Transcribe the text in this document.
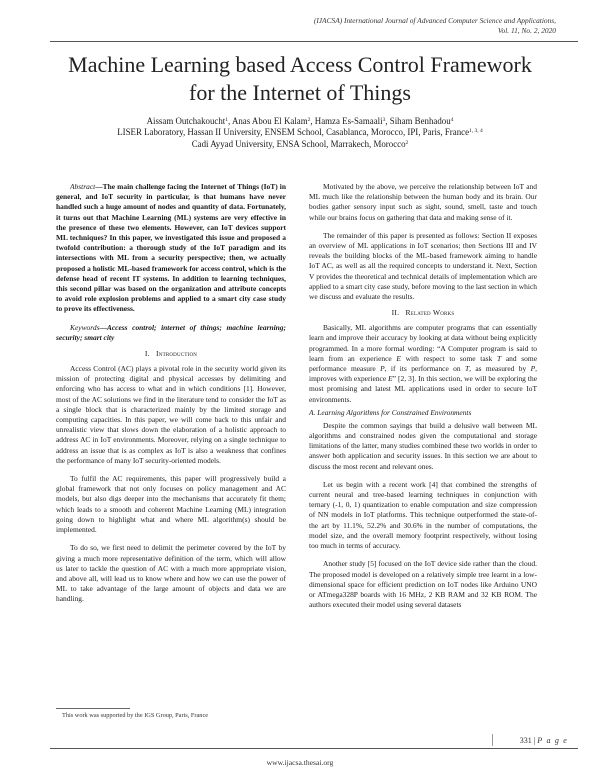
(IJACSA) International Journal of Advanced Computer Science and Applications,
Vol. 11, No. 2, 2020
Machine Learning based Access Control Framework
for the Internet of Things
Aissam Outchakoucht$^1$, Anas Abou El Kalam$^2$, Hamza Es-Samaali$^3$, Siham Benhadou$^4$
LISER Laboratory, Hassan II University, ENSEM School, Casablanca, Morocco, IPI, Paris, France$^{1, 3, 4}$
Cadi Ayyad University, ENSA School, Marrakech, Morocco$^2$

Abstract—The main challenge facing the Internet of Things (IoT) in general, and IoT security in particular, is that humans have never handled such a huge amount of nodes and quantity of data. Fortunately, it turns out that Machine Learning (ML) systems are very effective in the presence of these two elements. However, can IoT devices support ML techniques? In this paper, we investigated this issue and proposed a twofold contribution: a thorough study of the IoT paradigm and its intersections with ML from a security perspective; then, we actually proposed a holistic ML-based framework for access control, which is the defense head of recent IT systems. In addition to learning techniques, this second pillar was based on the organization and attribute concepts to avoid role explosion problems and applied to a smart city case study to prove its effectiveness.

Keywords—Access control; internet of things; machine learning; security; smart city

I. Introduction

Access Control (AC) plays a pivotal role in the security world given its mission of protecting digital and physical accesses by delimiting and enforcing who has access to what and in which conditions [1]. However, most of the AC solutions we find in the literature tend to consider the IoT as a single block that is characterized mainly by the limited storage and computing capacities. In this paper, we will come back to this unfair and unrealistic view that slows down the elaboration of a holistic approach to address AC in IoT environments. Moreover, relying on a single technique to address an issue that is as complex as IoT is also a weakness that confines the performance of many IoT security-oriented models.

To fulfil the AC requirements, this paper will progressively build a global framework that not only focuses on policy management and AC models, but also digs deeper into the mechanisms that accurately fit them; which leads to a smooth and coherent Machine Learning (ML) integration going down to highlight what and where ML algorithm(s) should be implemented.

To do so, we first need to delimit the perimeter covered by the IoT by giving a much more representative definition of the term, which will allow us later to tackle the question of AC with a much more appropriate vision, and above all, will lead us to know where and how we can use the power of ML to take advantage of the large amount of objects and data we are handling.

Motivated by the above, we perceive the relationship between IoT and ML much like the relationship between the human body and its brain. Our bodies gather sensory input such as sight, sound, smell, taste and touch while our brains focus on gathering that data and making sense of it.

The remainder of this paper is presented as follows: Section II exposes an overview of ML applications in IoT scenarios; then Sections III and IV reveals the building blocks of the ML-based framework aiming to handle IoT AC, as well as all the required concepts to understand it. Next, Section V provides the theoretical and technical details of implementation which are applied to a smart city case study, before moving to the last section in which we discuss and evaluate the results.

II. Related Works

Basically, ML algorithms are computer programs that can essentially learn and improve their accuracy by looking at data without being explicitly programmed. In a more formal wording: “A Computer program is said to learn from an experience E with respect to some task T and some performance measure P, if its performance on T, as measured by P, improves with experience E” [2, 3]. In this section, we will be exploring the most promising and latest ML applications used in order to secure IoT environments.

A. Learning Algorithms for Constrained Environments

Despite the common sayings that build a delusive wall between ML algorithms and constrained nodes given the computational and storage limitations of the latter, many studies combined these two worlds in order to answer both application and security issues. In this section we are about to discuss the most recent and relevant ones.

Let us begin with a recent work [4] that combined the strengths of current neural and tree-based learning techniques in conjunction with ternary (-1, 0, 1) quantization to enable computation and size compression of NN models in IoT platforms. This technique outperformed the state-of-the art by 11.1%, 52.2% and 30.6% in the number of computations, the model size, and the overall memory footprint respectively, without losing too much in terms of accuracy.

Another study [5] focused on the IoT device side rather than the cloud. The proposed model is developed on a relatively simple tree learnt in a low-dimensional space for efficient prediction on IoT nodes like Arduino UNO or ATmega328P boards with 16 MHz, 2 KB RAM and 32 KB ROM. The authors executed their model using several datasets

This work was supported by the IGS Group, Paris, France
331 | P a g e
www.ijacsa.thesai.org
